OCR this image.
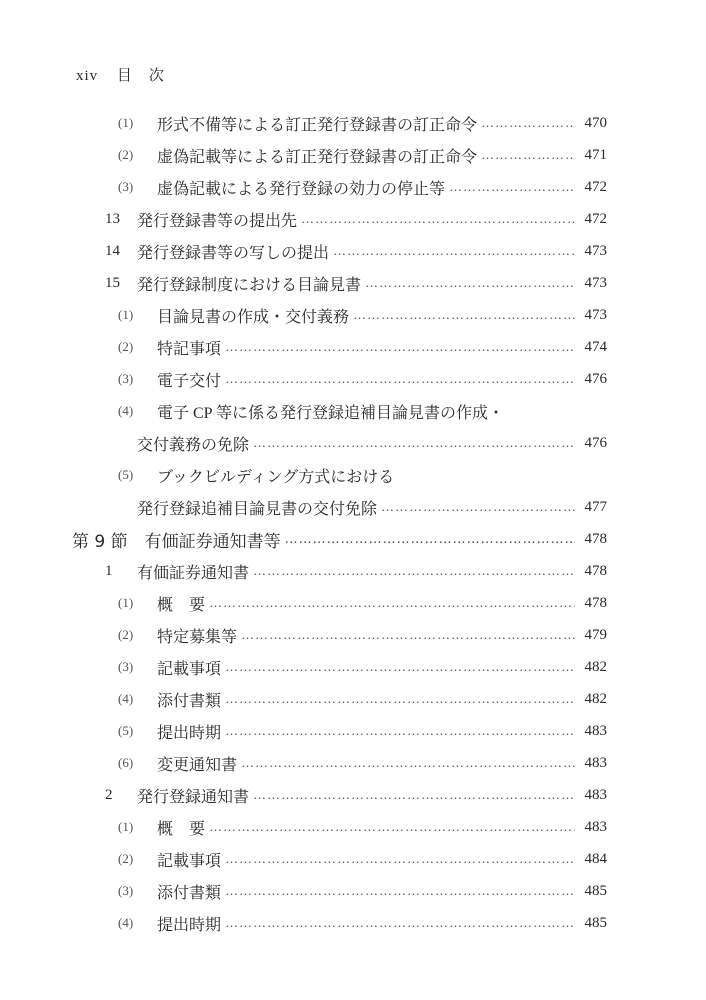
xiv 目　次
(1) 形式不備等による訂正発行登録書の訂正命令 …………………………………………………………………………………………………………………………	470
(2) 虚偽記載等による訂正発行登録書の訂正命令 …………………………………………………………………………………………………………………………	471
(3) 虚偽記載による発行登録の効力の停止等 …………………………………………………………………………………………………………………………	472
13 発行登録書等の提出先 …………………………………………………………………………………………………………………………	472
14 発行登録書等の写しの提出 …………………………………………………………………………………………………………………………	473
15 発行登録制度における目論見書 …………………………………………………………………………………………………………………………	473
(1) 目論見書の作成・交付義務 …………………………………………………………………………………………………………………………	473
(2) 特記事項 …………………………………………………………………………………………………………………………	474
(3) 電子交付 …………………………………………………………………………………………………………………………	476
(4) 電子 CP 等に係る発行登録追補目論見書の作成・
交付義務の免除 …………………………………………………………………………………………………………………………	476
(5) ブックビルディング方式における
発行登録追補目論見書の交付免除 …………………………………………………………………………………………………………………………	477
第 9 節　有価証券通知書等 …………………………………………………………………………………………………………………………	478
1 有価証券通知書 …………………………………………………………………………………………………………………………	478
(1) 概　要 …………………………………………………………………………………………………………………………	478
(2) 特定募集等 …………………………………………………………………………………………………………………………	479
(3) 記載事項 …………………………………………………………………………………………………………………………	482
(4) 添付書類 …………………………………………………………………………………………………………………………	482
(5) 提出時期 …………………………………………………………………………………………………………………………	483
(6) 変更通知書 …………………………………………………………………………………………………………………………	483
2 発行登録通知書 …………………………………………………………………………………………………………………………	483
(1) 概　要 …………………………………………………………………………………………………………………………	483
(2) 記載事項 …………………………………………………………………………………………………………………………	484
(3) 添付書類 …………………………………………………………………………………………………………………………	485
(4) 提出時期 …………………………………………………………………………………………………………………………	485
